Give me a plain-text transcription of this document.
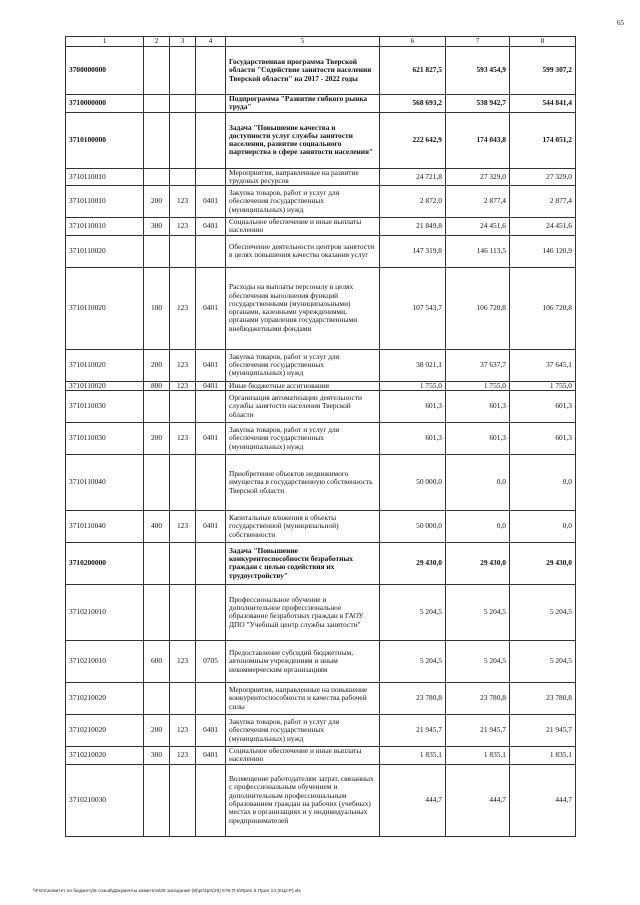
65
1	2	3	4	5	6	7	8
3700000000				Государственная программа Тверской области "Содействие занятости населения Тверской области" на 2017 - 2022 годы	621 827,5	593 454,9	599 307,2
3710000000				Подпрограмма "Развитие гибкого рынка труда"	568 693,2	538 942,7	544 841,4
3710100000				Задача "Повышение качества и доступности услуг службы занятости населения, развитие социального партнерства в сфере занятости населения"	222 642,9	174 043,8	174 051,2
3710110010				Мероприятия, направленные на развитие трудовых ресурсов	24 721,8	27 329,0	27 329,0
3710110010	200	123	0401	Закупка товаров, работ и услуг для обеспечения государственных (муниципальных) нужд	2 872,0	2 877,4	2 877,4
3710110010	300	123	0401	Социальное обеспечение и иные выплаты населению	21 849,8	24 451,6	24 451,6
3710110020				Обеспечение деятельности центров занятости в целях повышения качества оказания услуг	147 319,8	146 113,5	146 120,9
3710110020	100	123	0401	Расходы на выплаты персоналу в целях обеспечения выполнения функций государственными (муниципальными) органами, казенными учреждениями, органами управления государственными внебюджетными фондами	107 543,7	106 720,8	106 720,8
3710110020	200	123	0401	Закупка товаров, работ и услуг для обеспечения государственных (муниципальных) нужд	38 021,1	37 637,7	37 645,1
3710110020	800	123	0401	Иные бюджетные ассигнования	1 755,0	1 755,0	1 755,0
3710110030				Организация автоматизации деятельности службы занятости населения Тверской области	601,3	601,3	601,3
3710110030	200	123	0401	Закупка товаров, работ и услуг для обеспечения государственных (муниципальных) нужд	601,3	601,3	601,3
3710110040				Приобретение объектов недвижимого имущества в государственную собственность Тверской области	50 000,0	0,0	0,0
3710110040	400	123	0401	Капитальные вложения в объекты государственной (муниципальной) собственности	50 000,0	0,0	0,0
3710200000				Задача "Повышение конкурентоспособности безработных граждан с целью содействия их трудоустройству"	29 430,0	29 430,0	29 430,0
3710210010				Профессиональное обучение и дополнительное профессиональное образование безработных граждан в ГАОУ ДПО "Учебный центр службы занятости"	5 204,5	5 204,5	5 204,5
3710210010	600	123	0705	Предоставление субсидий бюджетным, автономным учреждениям и иным некоммерческим организациям	5 204,5	5 204,5	5 204,5
3710210020				Мероприятия, направленные на повышение конкурентоспособности и качества рабочей силы	23 780,8	23 780,8	23 780,8
3710210020	200	123	0401	Закупка товаров, работ и услуг для обеспечения государственных (муниципальных) нужд	21 945,7	21 945,7	21 945,7
3710210020	300	123	0401	Социальное обеспечение и иные выплаты населению	1 835,1	1 835,1	1 835,1
3710210030				Возмещение работодателям затрат, связанных с профессиональным обучением и дополнительным профессиональным образованием граждан на рабочих (учебных) местах в организациях и у индивидуальных предпринимателей	444,7	444,7	444,7
\\Fs01\комитет по бюджету\6 созыв\Документы комитета\29 заседание (8)\pr\zpr\(29) 576-П-6\Прил 5 Прил 14 (КЦСР).xls
